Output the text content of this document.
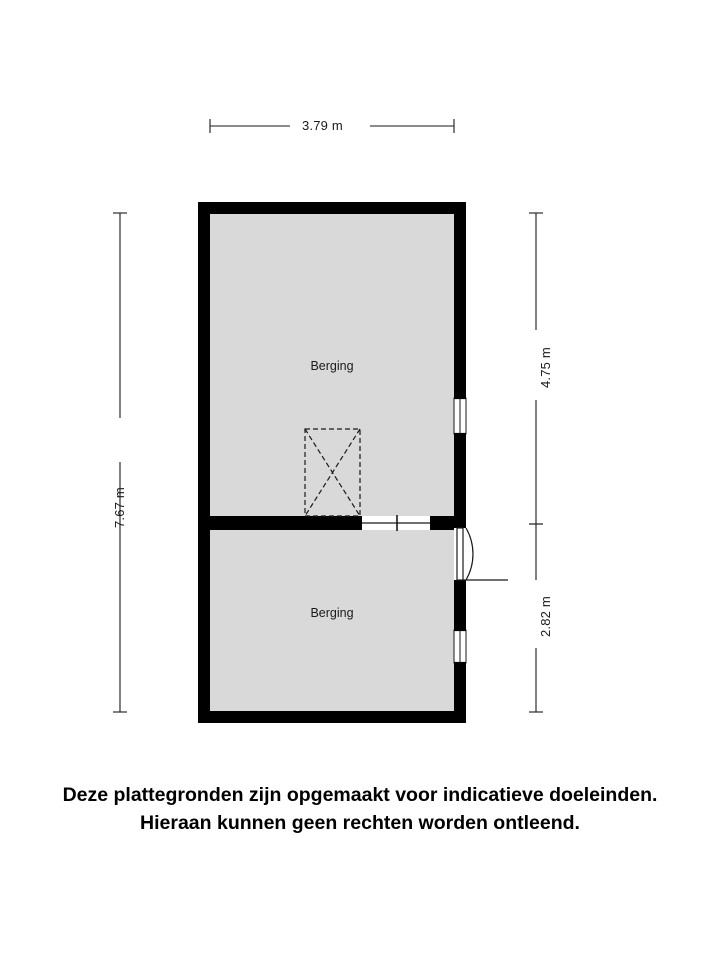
3.79 m
7.67 m
4.75 m
2.82 m
Berging
Berging
Deze plattegronden zijn opgemaakt voor indicatieve doeleinden.
Hieraan kunnen geen rechten worden ontleend.
